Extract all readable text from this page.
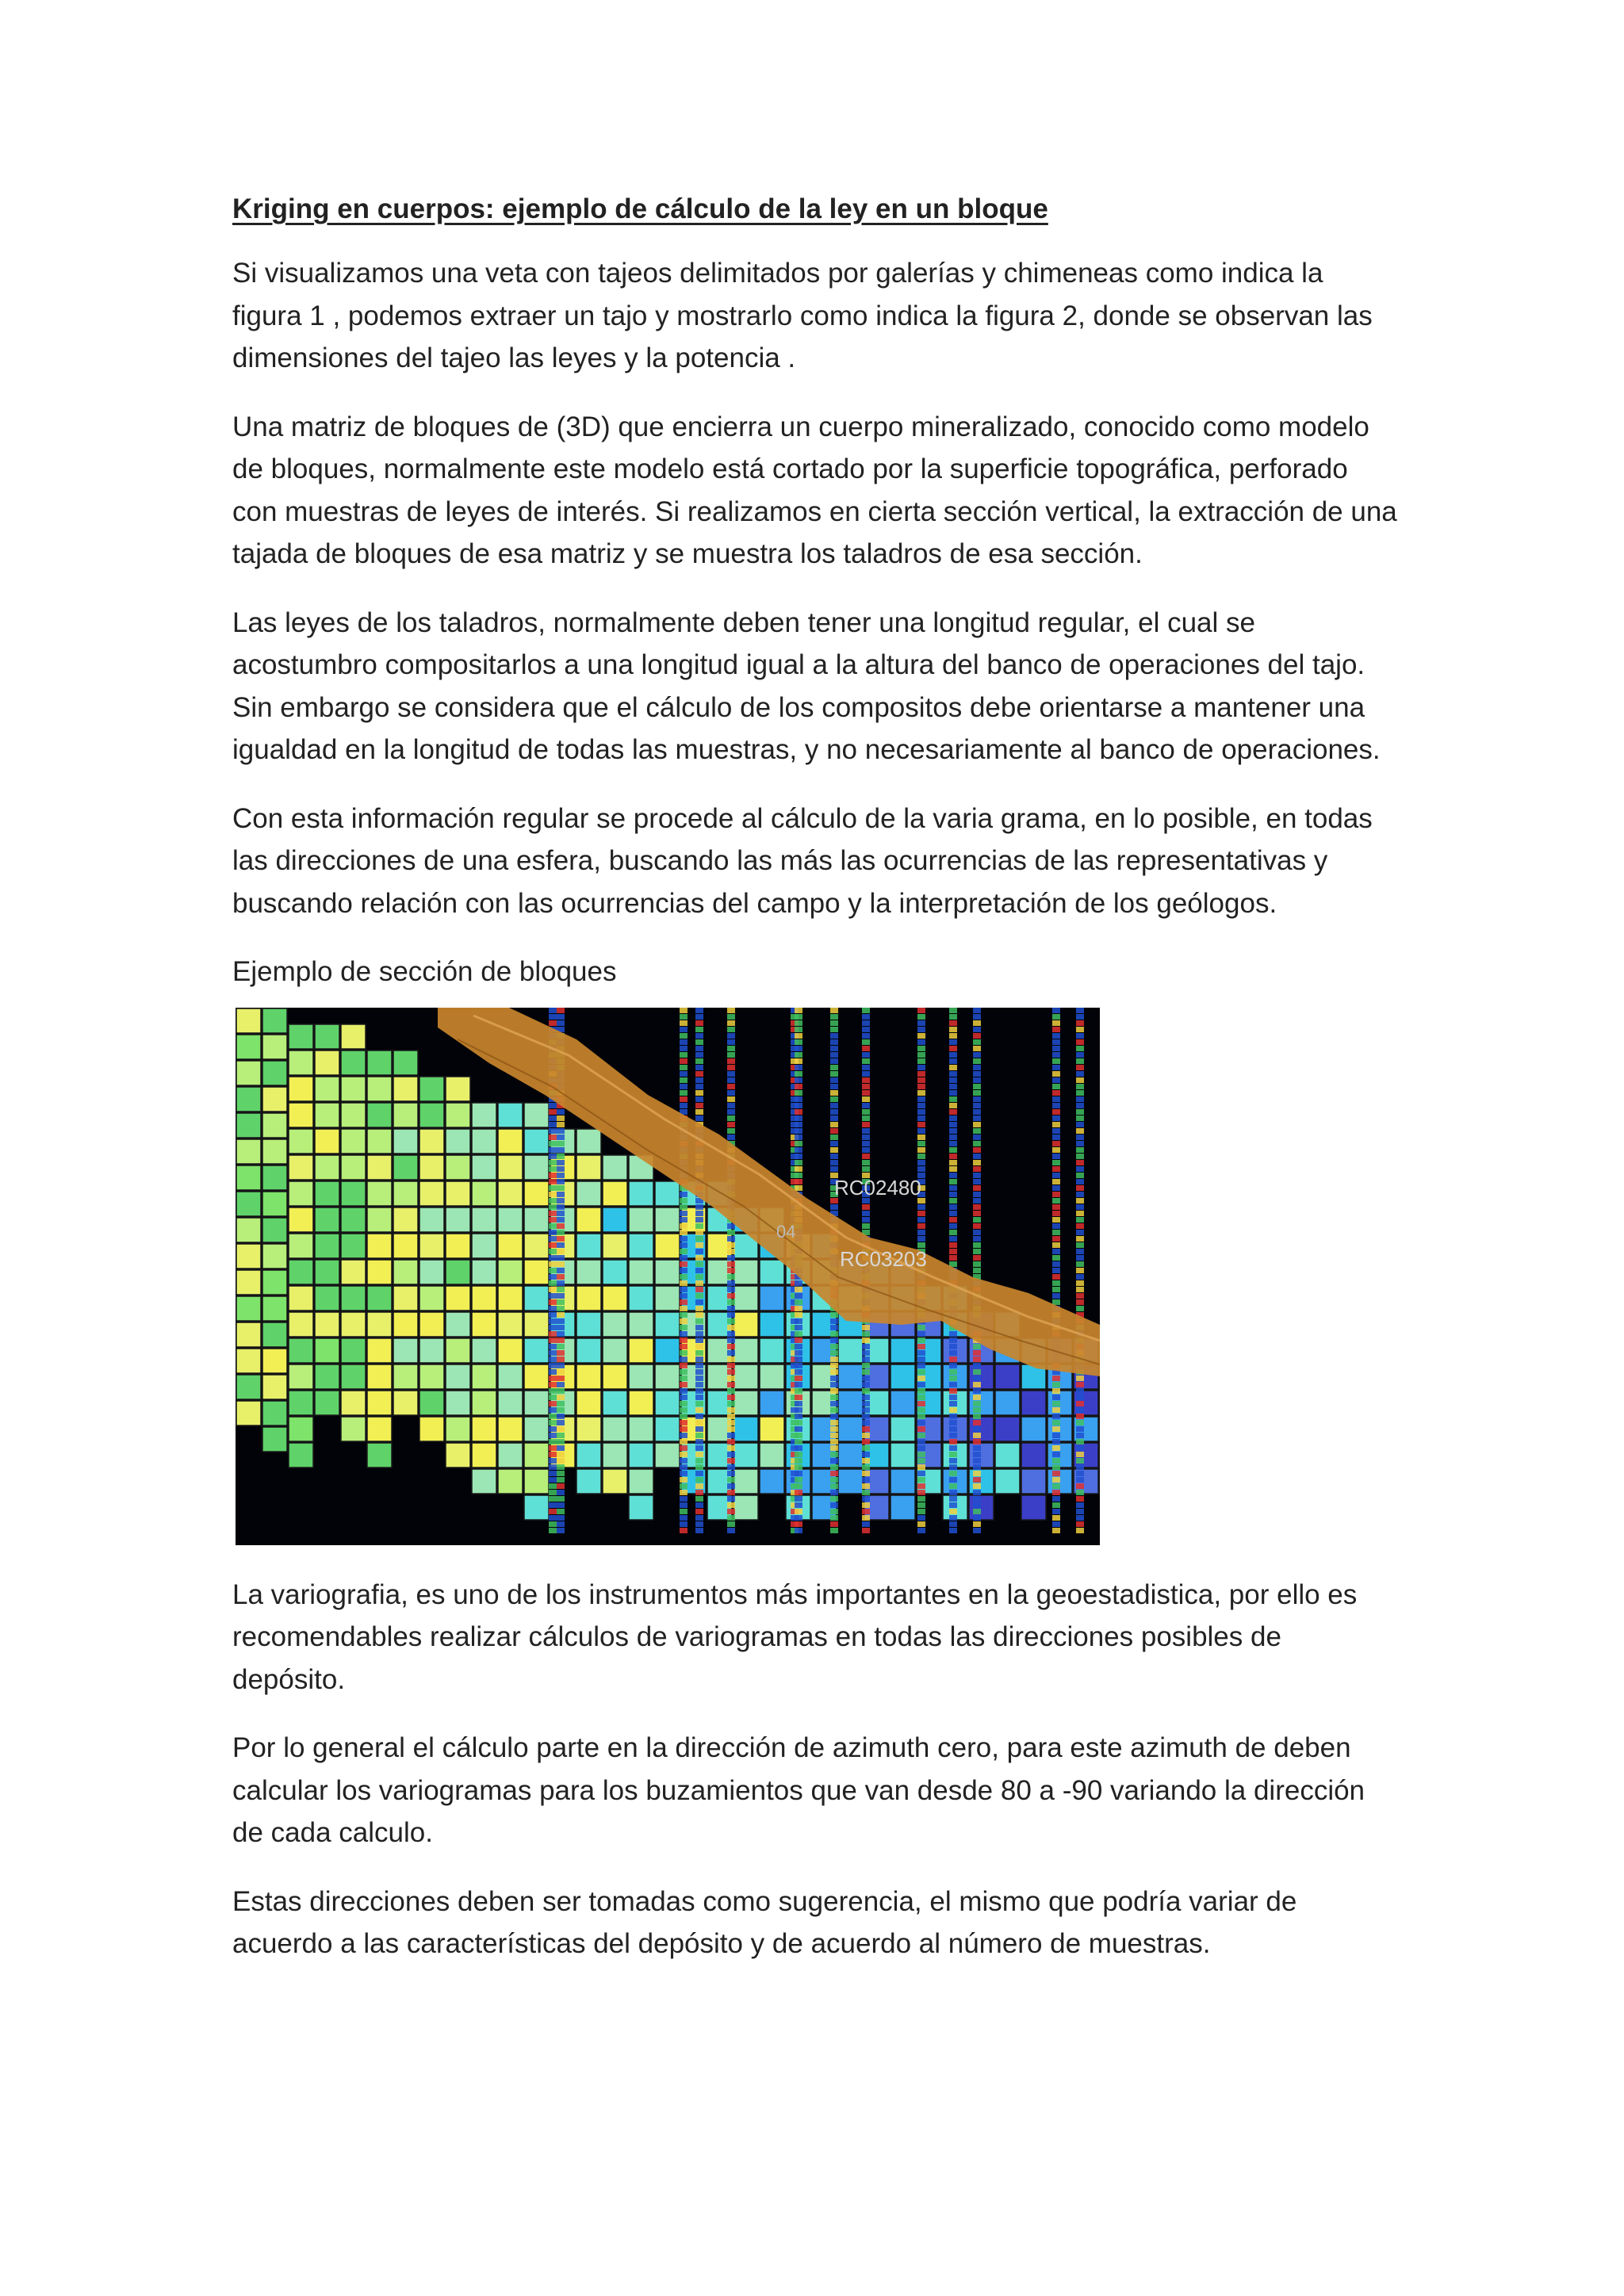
Kriging en cuerpos: ejemplo de cálculo de la ley en un bloque

Si visualizamos una veta con tajeos delimitados por galerías y chimeneas como indica la figura 1 , podemos extraer un tajo y mostrarlo como indica la figura 2, donde se observan las dimensiones del tajeo las leyes y la potencia .

Una matriz de bloques de (3D) que encierra un cuerpo mineralizado, conocido como modelo de bloques, normalmente este modelo está cortado por la superficie topográfica, perforado con muestras de leyes de interés. Si realizamos en cierta sección vertical, la extracción de una tajada de bloques de esa matriz y se muestra los taladros de esa sección.

Las leyes de los taladros, normalmente deben tener una longitud regular, el cual se acostumbro compositarlos a una longitud igual a la altura del banco de operaciones del tajo. Sin embargo se considera que el cálculo de los compositos debe orientarse a mantener una igualdad en la longitud de todas las muestras, y no necesariamente al banco de operaciones.

Con esta información regular se procede al cálculo de la varia grama, en lo posible, en todas las direcciones de una esfera, buscando las más las ocurrencias de las representativas y buscando relación con las ocurrencias del campo y la interpretación de los geólogos.

Ejemplo de sección de bloques

RC02480
RC03203
04

La variografia, es uno de los instrumentos más importantes en la geoestadistica, por ello es recomendables realizar cálculos de variogramas en todas las direcciones posibles de depósito.

Por lo general el cálculo parte en la dirección de azimuth cero, para este azimuth de deben calcular los variogramas para los buzamientos que van desde 80 a -90 variando la dirección de cada calculo.

Estas direcciones deben ser tomadas como sugerencia, el mismo que podría variar de acuerdo a las características del depósito y de acuerdo al número de muestras.
